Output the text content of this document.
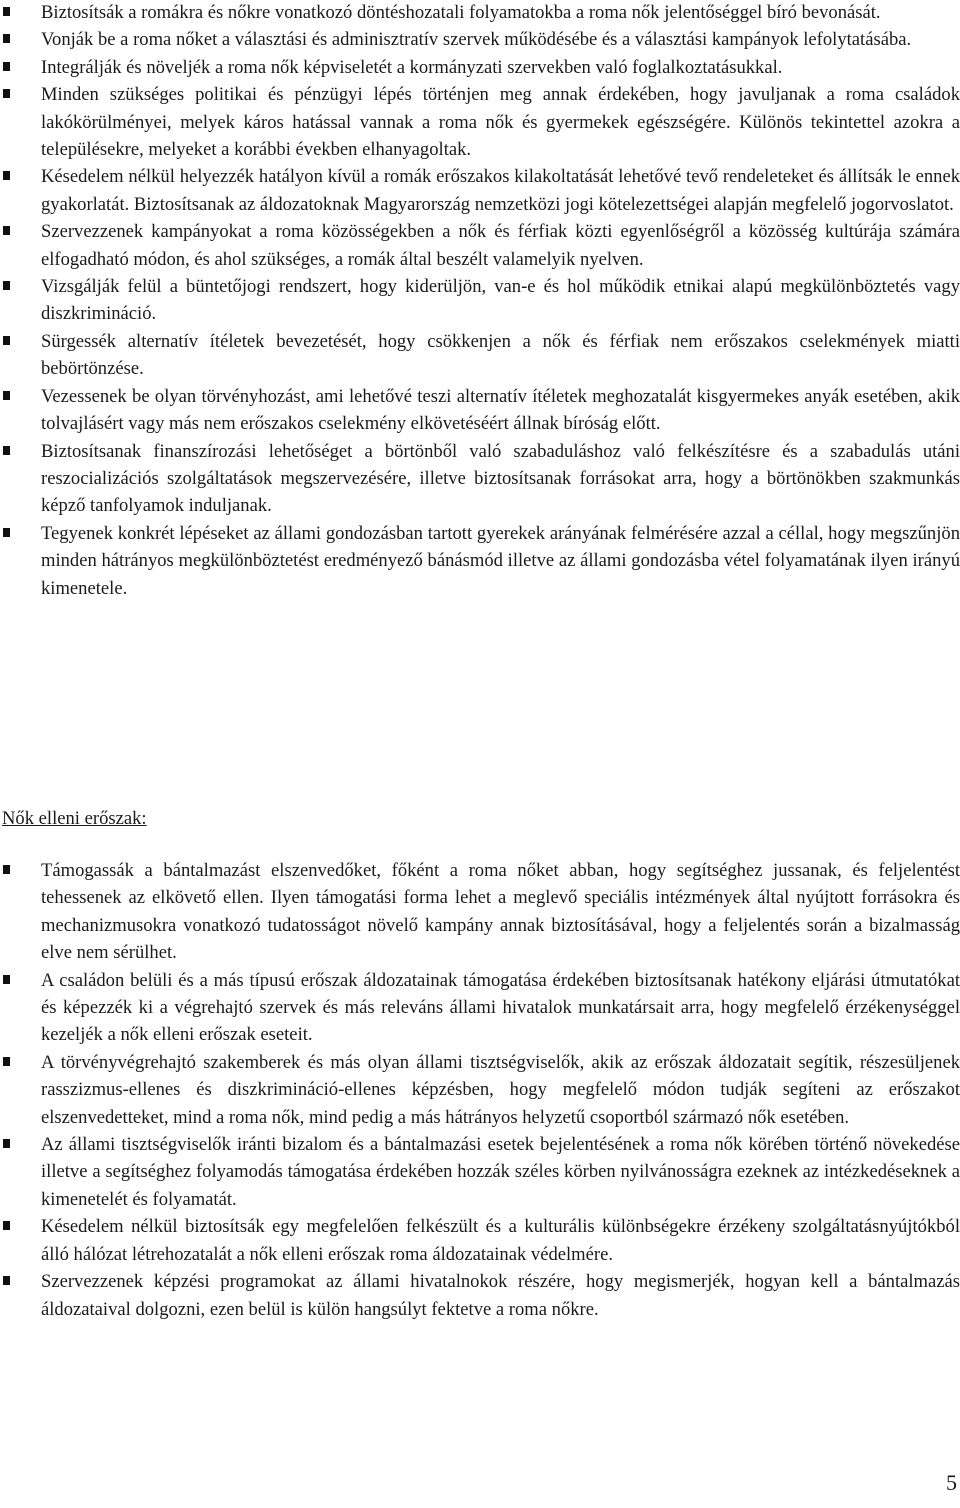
Biztosítsák a romákra és nőkre vonatkozó döntéshozatali folyamatokba a roma nők jelentőséggel bíró bevonását.
Vonják be a roma nőket a választási és adminisztratív szervek működésébe és a választási kampányok lefolytatásába.
Integrálják és növeljék a roma nők képviseletét a kormányzati szervekben való foglalkoztatásukkal.
Minden szükséges politikai és pénzügyi lépés történjen meg annak érdekében, hogy javuljanak a roma családok lakókörülményei, melyek káros hatással vannak a roma nők és gyermekek egészségére. Különös tekintettel azokra a településekre, melyeket a korábbi években elhanyagoltak.
Késedelem nélkül helyezzék hatályon kívül a romák erőszakos kilakoltatását lehetővé tevő rendeleteket és állítsák le ennek gyakorlatát. Biztosítsanak az áldozatoknak Magyarország nemzetközi jogi kötelezettségei alapján megfelelő jogorvoslatot.
Szervezzenek kampányokat a roma közösségekben a nők és férfiak közti egyenlőségről a közösség kultúrája számára elfogadható módon, és ahol szükséges, a romák által beszélt valamelyik nyelven.
Vizsgálják felül a büntetőjogi rendszert, hogy kiderüljön, van-e és hol működik etnikai alapú megkülönböztetés vagy diszkrimináció.
Sürgessék alternatív ítéletek bevezetését, hogy csökkenjen a nők és férfiak nem erőszakos cselekmények miatti bebörtönzése.
Vezessenek be olyan törvényhozást, ami lehetővé teszi alternatív ítéletek meghozatalát kisgyermekes anyák esetében, akik tolvajlásért vagy más nem erőszakos cselekmény elkövetéséért állnak bíróság előtt.
Biztosítsanak finanszírozási lehetőséget a börtönből való szabaduláshoz való felkészítésre és a szabadulás utáni reszocializációs szolgáltatások megszervezésére, illetve biztosítsanak forrásokat arra, hogy a börtönökben szakmunkás képző tanfolyamok induljanak.
Tegyenek konkrét lépéseket az állami gondozásban tartott gyerekek arányának felmérésére azzal a céllal, hogy megszűnjön minden hátrányos megkülönböztetést eredményező bánásmód illetve az állami gondozásba vétel folyamatának ilyen irányú kimenetele.
Nők elleni erőszak:
Támogassák a bántalmazást elszenvedőket, főként a roma nőket abban, hogy segítséghez jussanak, és feljelentést tehessenek az elkövető ellen. Ilyen támogatási forma lehet a meglevő speciális intézmények által nyújtott forrásokra és mechanizmusokra vonatkozó tudatosságot növelő kampány annak biztosításával, hogy a feljelentés során a bizalmasság elve nem sérülhet.
A családon belüli és a más típusú erőszak áldozatainak támogatása érdekében biztosítsanak hatékony eljárási útmutatókat és képezzék ki a végrehajtó szervek és más releváns állami hivatalok munkatársait arra, hogy megfelelő érzékenységgel kezeljék a nők elleni erőszak eseteit.
A törvényvégrehajtó szakemberek és más olyan állami tisztségviselők, akik az erőszak áldozatait segítik, részesüljenek rasszizmus-ellenes és diszkrimináció-ellenes képzésben, hogy megfelelő módon tudják segíteni az erőszakot elszenvedetteket, mind a roma nők, mind pedig a más hátrányos helyzetű csoportból származó nők esetében.
Az állami tisztségviselők iránti bizalom és a bántalmazási esetek bejelentésének a roma nők körében történő növekedése illetve a segítséghez folyamodás támogatása érdekében hozzák széles körben nyilvánosságra ezeknek az intézkedéseknek a kimenetelét és folyamatát.
Késedelem nélkül biztosítsák egy megfelelően felkészült és a kulturális különbségekre érzékeny szolgáltatásnyújtókból álló hálózat létrehozatalát a nők elleni erőszak roma áldozatainak védelmére.
Szervezzenek képzési programokat az állami hivatalnokok részére, hogy megismerjék, hogyan kell a bántalmazás áldozataival dolgozni, ezen belül is külön hangsúlyt fektetve a roma nőkre.
5
